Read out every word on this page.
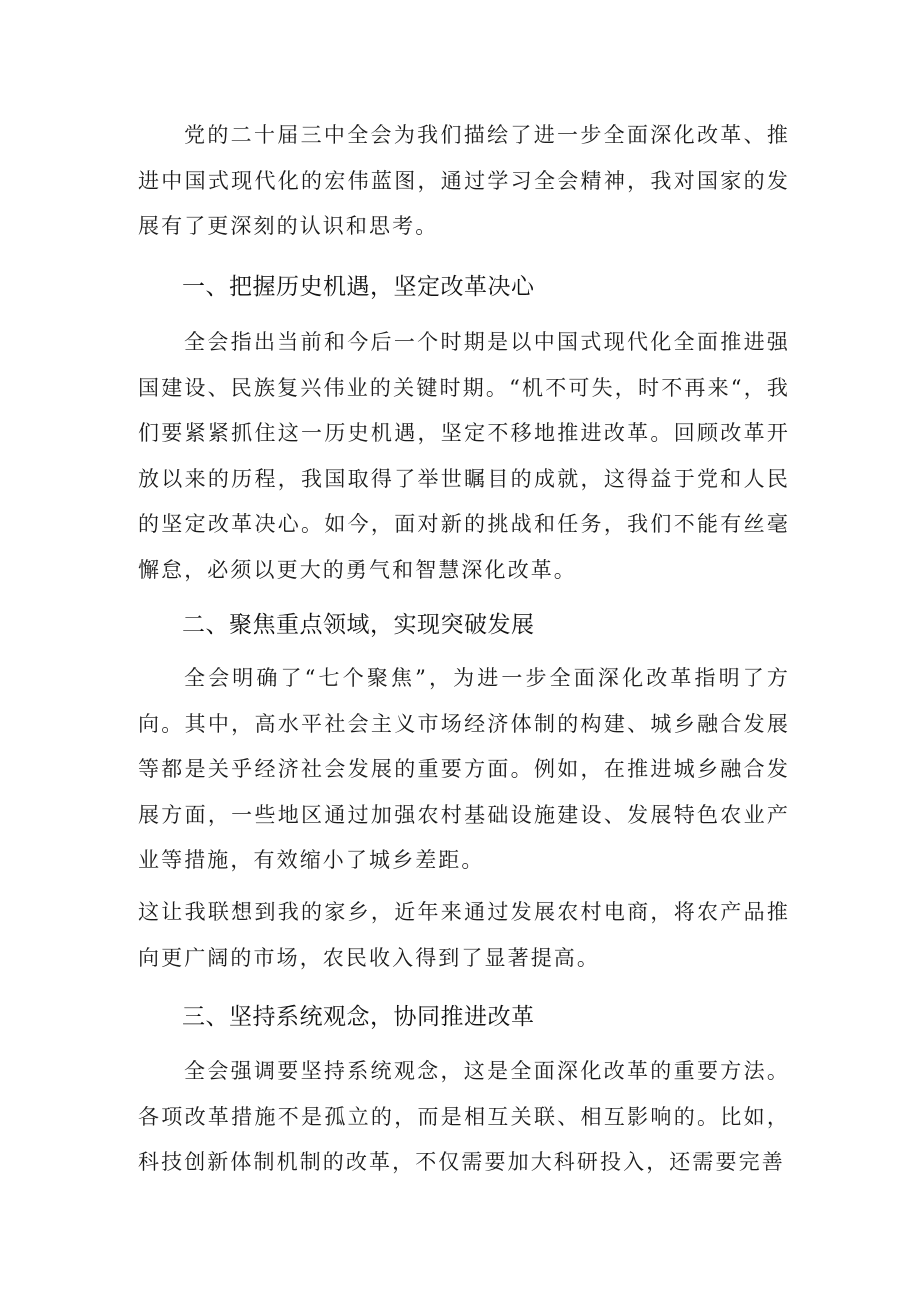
党的二十届三中全会为我们描绘了进一步全面深化改革、推进中国式现代化的宏伟蓝图，通过学习全会精神，我对国家的发展有了更深刻的认识和思考。

一、把握历史机遇，坚定改革决心

全会指出当前和今后一个时期是以中国式现代化全面推进强国建设、民族复兴伟业的关键时期。“机不可失，时不再来“，我们要紧紧抓住这一历史机遇，坚定不移地推进改革。回顾改革开放以来的历程，我国取得了举世瞩目的成就，这得益于党和人民的坚定改革决心。如今，面对新的挑战和任务，我们不能有丝毫懈怠，必须以更大的勇气和智慧深化改革。

二、聚焦重点领域，实现突破发展

全会明确了“七个聚焦”，为进一步全面深化改革指明了方向。其中，高水平社会主义市场经济体制的构建、城乡融合发展等都是关乎经济社会发展的重要方面。例如，在推进城乡融合发展方面，一些地区通过加强农村基础设施建设、发展特色农业产业等措施，有效缩小了城乡差距。

这让我联想到我的家乡，近年来通过发展农村电商，将农产品推向更广阔的市场，农民收入得到了显著提高。

三、坚持系统观念，协同推进改革

全会强调要坚持系统观念，这是全面深化改革的重要方法。各项改革措施不是孤立的，而是相互关联、相互影响的。比如，科技创新体制机制的改革，不仅需要加大科研投入，还需要完善
